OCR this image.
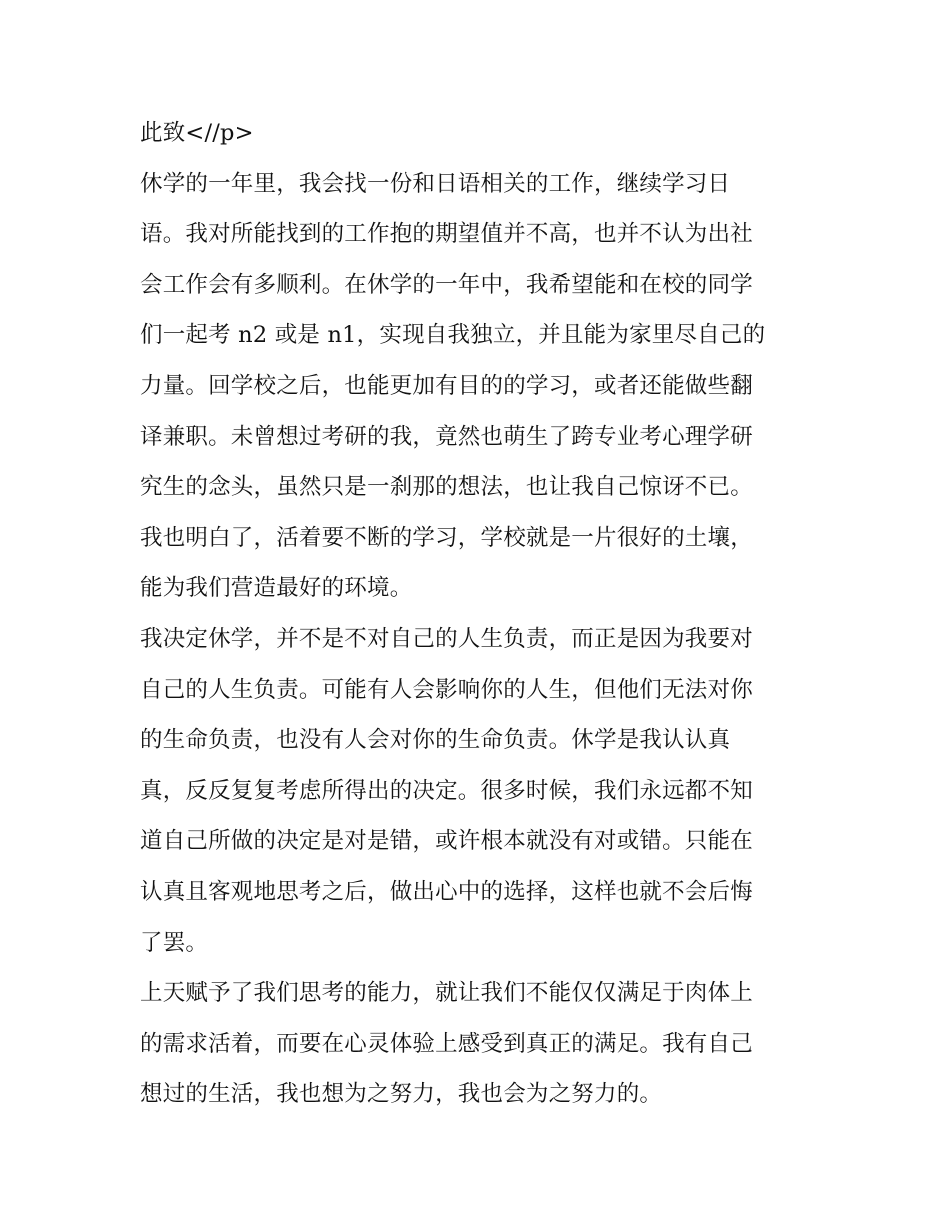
此致<//p>
休学的一年里，我会找一份和日语相关的工作，继续学习日
语。我对所能找到的工作抱的期望值并不高，也并不认为出社
会工作会有多顺利。在休学的一年中，我希望能和在校的同学
们一起考 n2 或是 n1，实现自我独立，并且能为家里尽自己的
力量。回学校之后，也能更加有目的的学习，或者还能做些翻
译兼职。未曾想过考研的我，竟然也萌生了跨专业考心理学研
究生的念头，虽然只是一刹那的想法，也让我自己惊讶不已。
我也明白了，活着要不断的学习，学校就是一片很好的土壤，
能为我们营造最好的环境。
我决定休学，并不是不对自己的人生负责，而正是因为我要对
自己的人生负责。可能有人会影响你的人生，但他们无法对你
的生命负责，也没有人会对你的生命负责。休学是我认认真
真，反反复复考虑所得出的决定。很多时候，我们永远都不知
道自己所做的决定是对是错，或许根本就没有对或错。只能在
认真且客观地思考之后，做出心中的选择，这样也就不会后悔
了罢。
上天赋予了我们思考的能力，就让我们不能仅仅满足于肉体上
的需求活着，而要在心灵体验上感受到真正的满足。我有自己
想过的生活，我也想为之努力，我也会为之努力的。
